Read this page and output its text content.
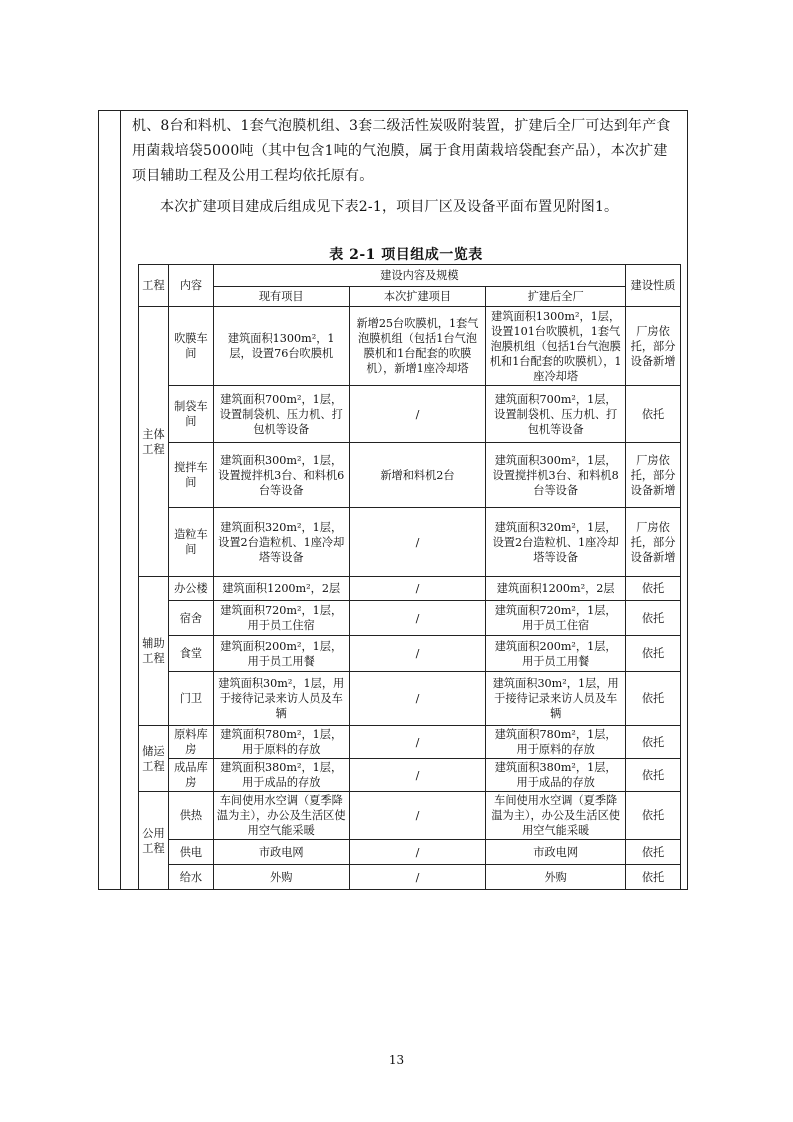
机、8台和料机、1套气泡膜机组、3套二级活性炭吸附装置，扩建后全厂可达到年产食用菌栽培袋5000吨（其中包含1吨的气泡膜，属于食用菌栽培袋配套产品），本次扩建项目辅助工程及公用工程均依托原有。
本次扩建项目建成后组成见下表2-1，项目厂区及设备平面布置见附图1。
表 2-1 项目组成一览表
工程	内容	建设内容及规模			建设性质
		现有项目	本次扩建项目	扩建后全厂	
主体工程	吹膜车间	建筑面积1300m²，1层，设置76台吹膜机	新增25台吹膜机，1套气泡膜机组（包括1台气泡膜机和1台配套的吹膜机），新增1座冷却塔	建筑面积1300m²，1层，设置101台吹膜机，1套气泡膜机组（包括1台气泡膜机和1台配套的吹膜机），1座冷却塔	厂房依托，部分设备新增
	制袋车间	建筑面积700m²，1层，设置制袋机、压力机、打包机等设备	/	建筑面积700m²，1层，设置制袋机、压力机、打包机等设备	依托
	搅拌车间	建筑面积300m²，1层，设置搅拌机3台、和料机6台等设备	新增和料机2台	建筑面积300m²，1层，设置搅拌机3台、和料机8台等设备	厂房依托，部分设备新增
	造粒车间	建筑面积320m²，1层，设置2台造粒机、1座冷却塔等设备	/	建筑面积320m²，1层，设置2台造粒机、1座冷却塔等设备	厂房依托，部分设备新增
辅助工程	办公楼	建筑面积1200m²，2层	/	建筑面积1200m²，2层	依托
	宿舍	建筑面积720m²，1层，用于员工住宿	/	建筑面积720m²，1层，用于员工住宿	依托
	食堂	建筑面积200m²，1层，用于员工用餐	/	建筑面积200m²，1层，用于员工用餐	依托
	门卫	建筑面积30m²，1层，用于接待记录来访人员及车辆	/	建筑面积30m²，1层，用于接待记录来访人员及车辆	依托
储运工程	原料库房	建筑面积780m²，1层，用于原料的存放	/	建筑面积780m²，1层，用于原料的存放	依托
	成品库房	建筑面积380m²，1层，用于成品的存放	/	建筑面积380m²，1层，用于成品的存放	依托
公用工程	供热	车间使用水空调（夏季降温为主），办公及生活区使用空气能采暖	/	车间使用水空调（夏季降温为主），办公及生活区使用空气能采暖	依托
	供电	市政电网	/	市政电网	依托
	给水	外购	/	外购	依托
13
